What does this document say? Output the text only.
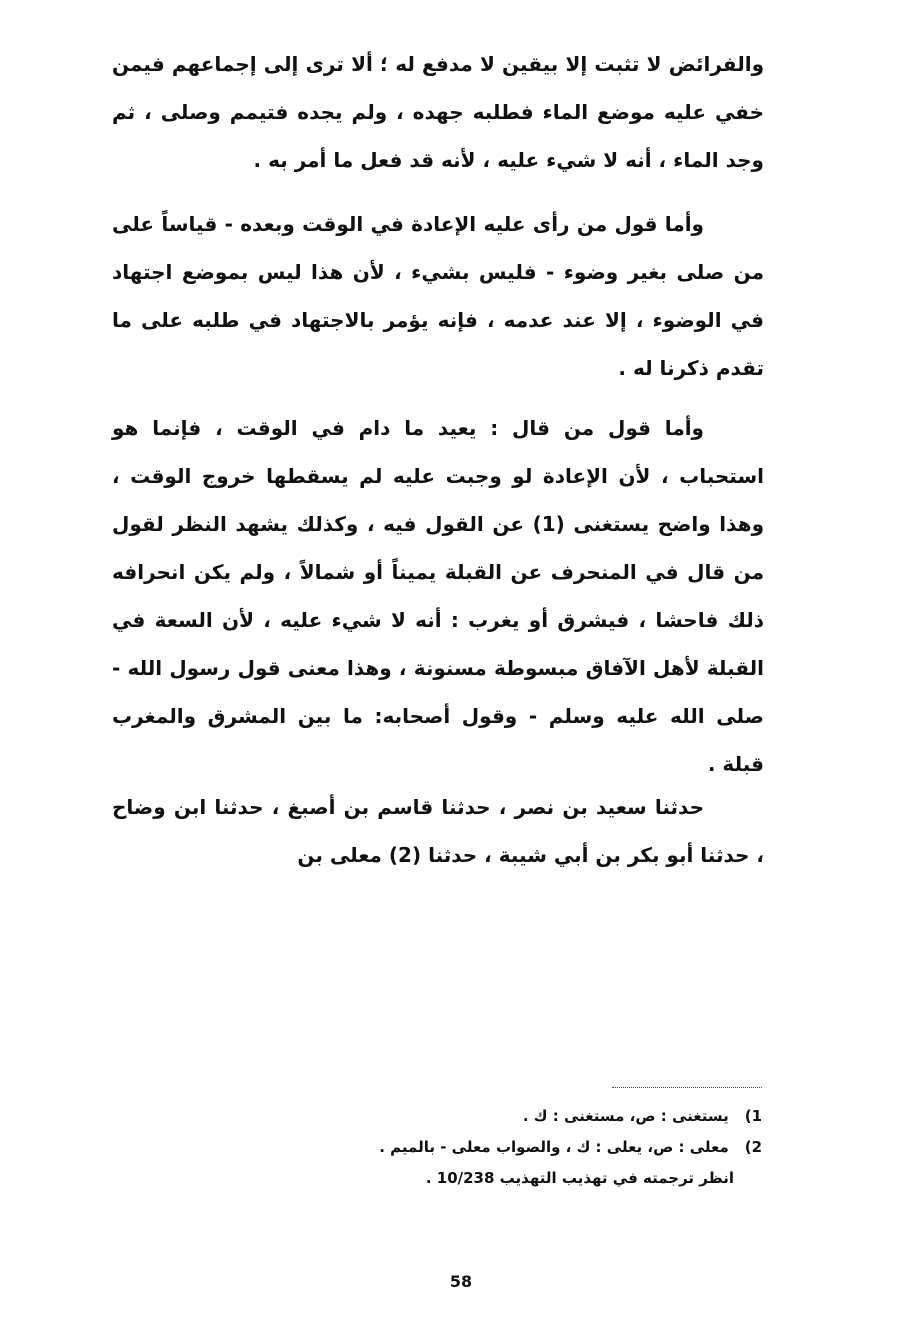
والفرائض لا تثبت إلا بيقين لا مدفع له ؛ ألا ترى إلى إجماعهم فيمن خفي عليه موضع الماء فطلبه جهده ، ولم يجده فتيمم وصلى ، ثم وجد الماء ، أنه لا شيء عليه ، لأنه قد فعل ما أمر به .

وأما قول من رأى عليه الإعادة في الوقت وبعده - قياساً على من صلى بغير وضوء - فليس بشيء ، لأن هذا ليس بموضع اجتهاد في الوضوء ، إلا عند عدمه ، فإنه يؤمر بالاجتهاد في طلبه على ما تقدم ذكرنا له .

وأما قول من قال : يعيد ما دام في الوقت ، فإنما هو استحباب ، لأن الإعادة لو وجبت عليه لم يسقطها خروج الوقت ، وهذا واضح يستغنى (1) عن القول فيه ، وكذلك يشهد النظر لقول من قال في المنحرف عن القبلة يميناً أو شمالاً ، ولم يكن انحرافه ذلك فاحشا ، فيشرق أو يغرب : أنه لا شيء عليه ، لأن السعة في القبلة لأهل الآفاق مبسوطة مسنونة ، وهذا معنى قول رسول الله - صلى الله عليه وسلم - وقول أصحابه: ما بين المشرق والمغرب قبلة .

حدثنا سعيد بن نصر ، حدثنا قاسم بن أصبغ ، حدثنا ابن وضاح ، حدثنا أبو بكر بن أبي شيبة ، حدثنا (2) معلى بن

1) يستغنى : ص، مستغنى : ك .
2) معلى : ص، يعلى : ك ، والصواب معلى - بالميم .
انظر ترجمته في تهذيب التهذيب 10/238 .
58
